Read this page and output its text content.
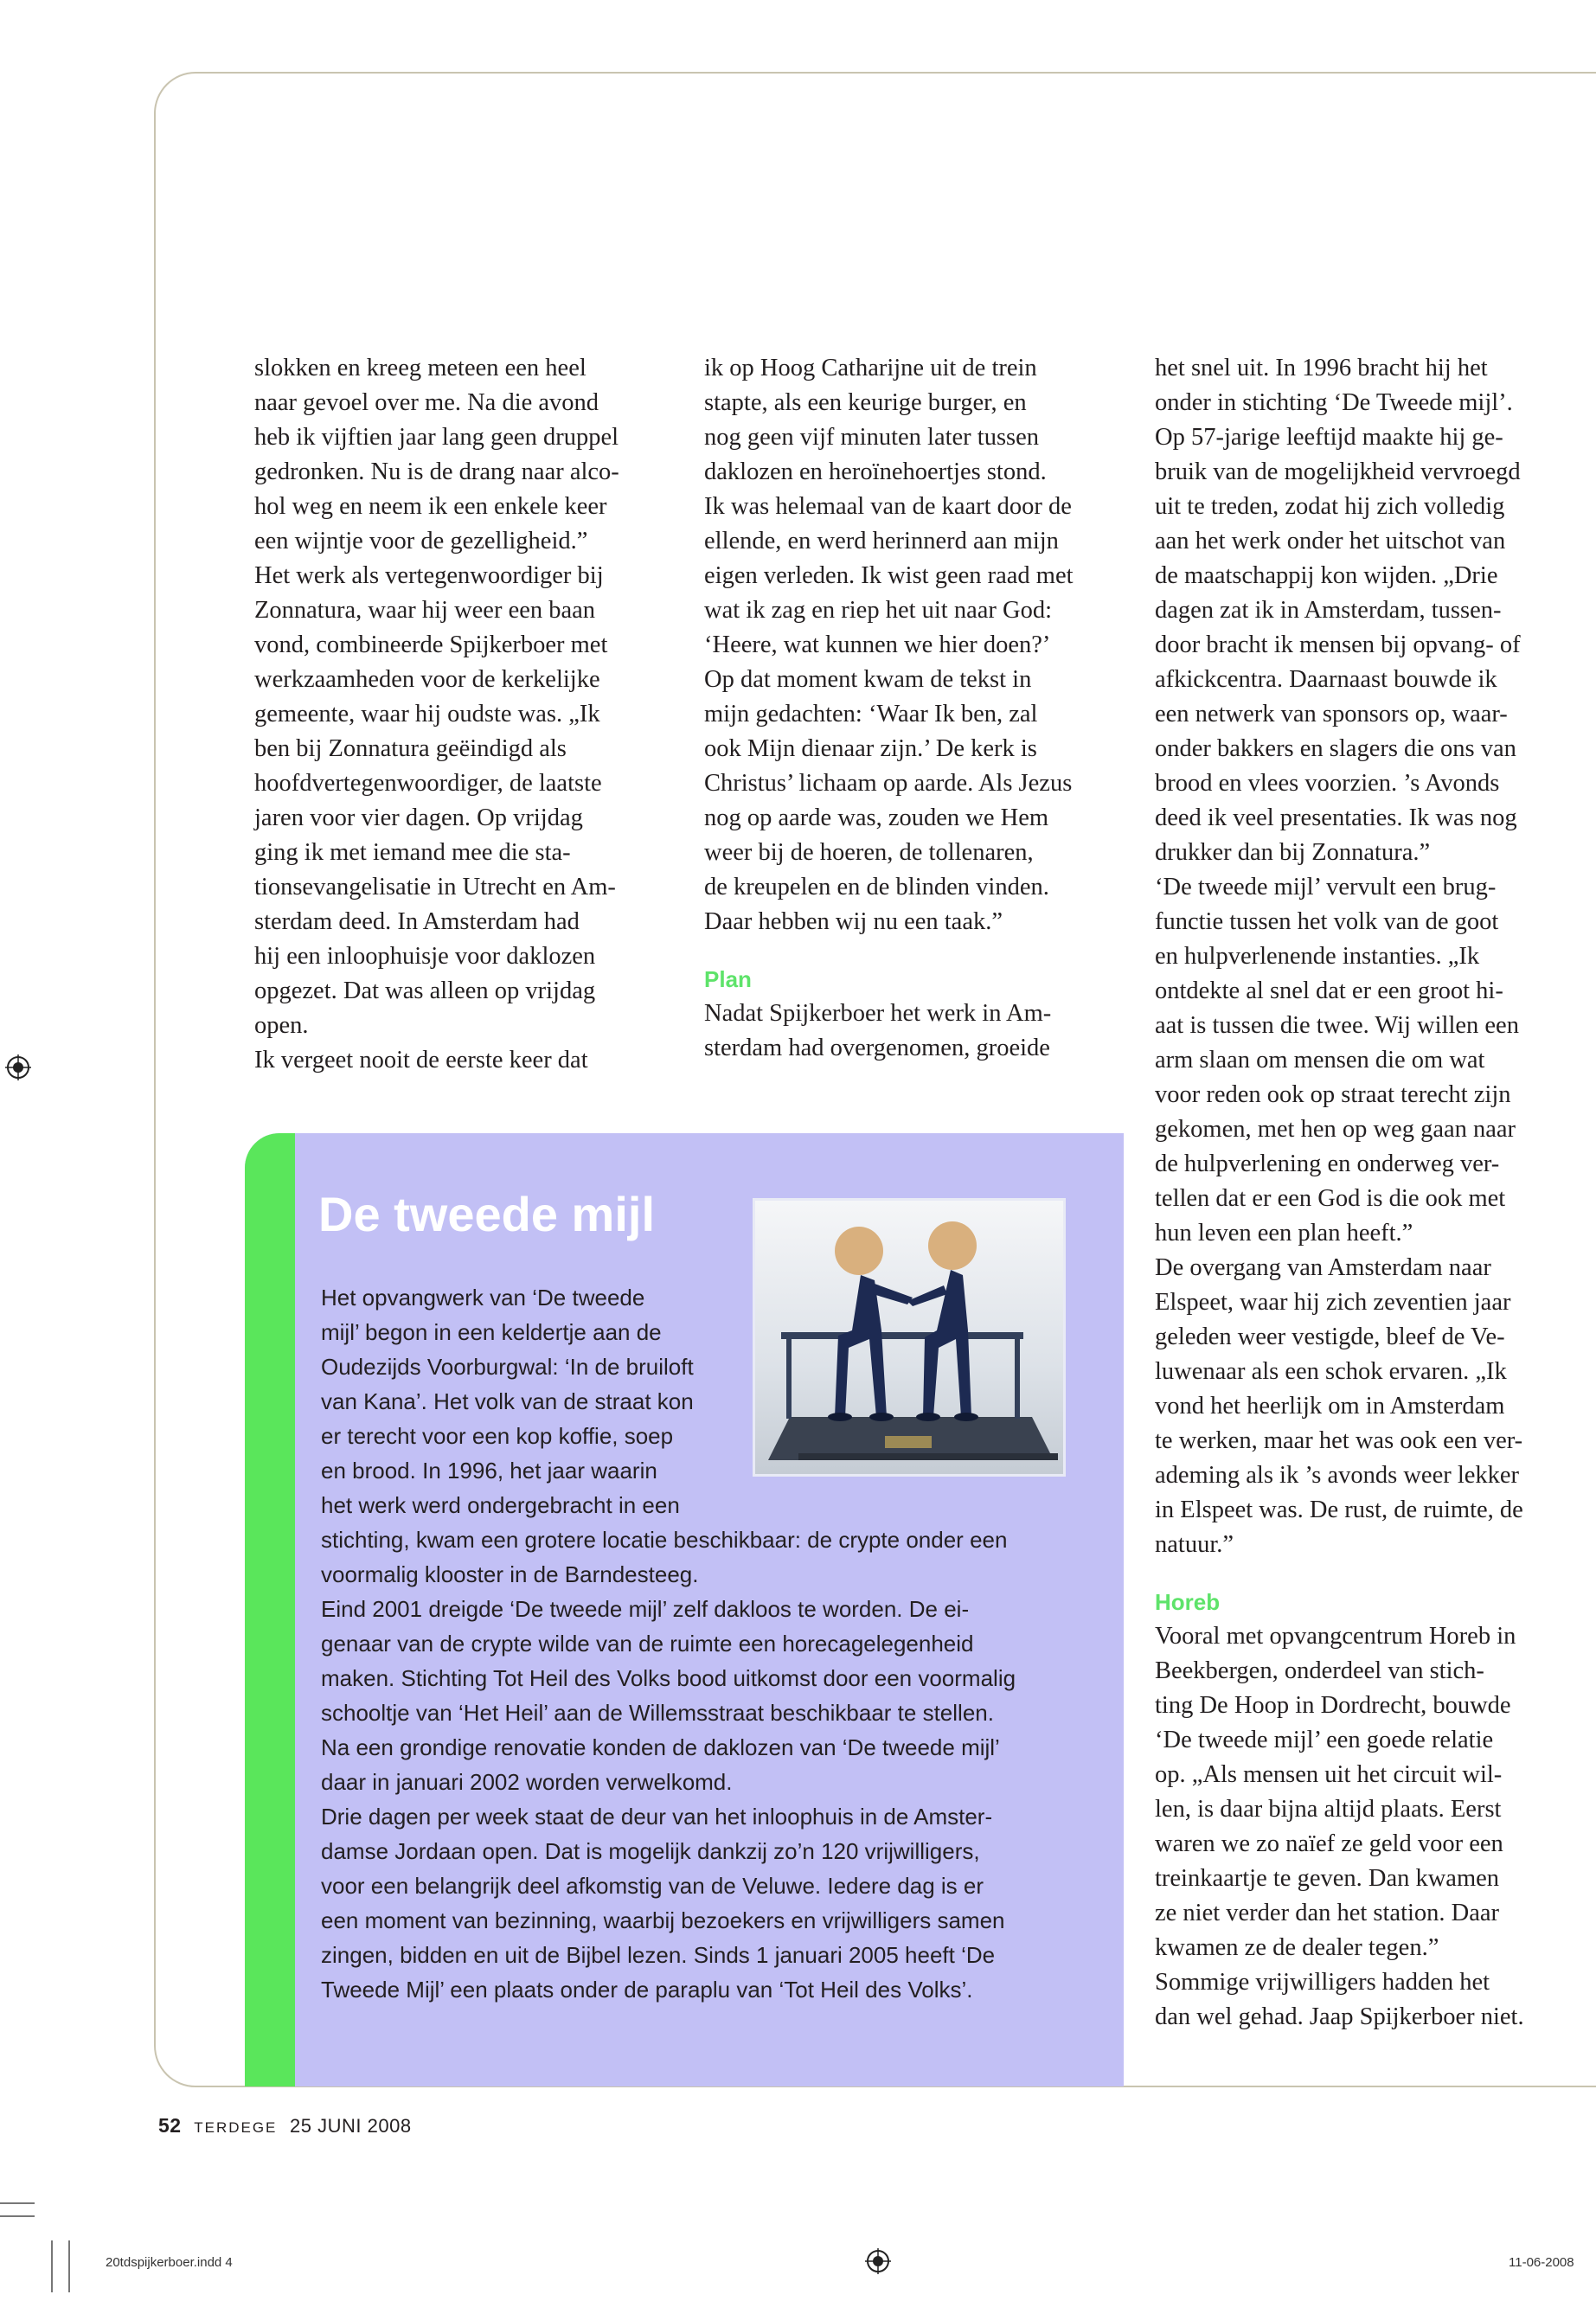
slokken en kreeg meteen een heel
naar gevoel over me. Na die avond
heb ik vijftien jaar lang geen druppel
gedronken. Nu is de drang naar alco-
hol weg en neem ik een enkele keer
een wijntje voor de gezelligheid.”

Het werk als vertegenwoordiger bij
Zonnatura, waar hij weer een baan
vond, combineerde Spijkerboer met
werkzaamheden voor de kerkelijke
gemeente, waar hij oudste was. „Ik
ben bij Zonnatura geëindigd als
hoofdvertegenwoordiger, de laatste
jaren voor vier dagen. Op vrijdag
ging ik met iemand mee die sta-
tionsevangelisatie in Utrecht en Am-
sterdam deed. In Amsterdam had
hij een inloophuisje voor daklozen
opgezet. Dat was alleen op vrijdag
open.

Ik vergeet nooit de eerste keer dat

ik op Hoog Catharijne uit de trein
stapte, als een keurige burger, en
nog geen vijf minuten later tussen
daklozen en heroïnehoertjes stond.
Ik was helemaal van de kaart door de
ellende, en werd herinnerd aan mijn
eigen verleden. Ik wist geen raad met
wat ik zag en riep het uit naar God:
‘Heere, wat kunnen we hier doen?’
Op dat moment kwam de tekst in
mijn gedachten: ‘Waar Ik ben, zal
ook Mijn dienaar zijn.’ De kerk is
Christus’ lichaam op aarde. Als Jezus
nog op aarde was, zouden we Hem
weer bij de hoeren, de tollenaren,
de kreupelen en de blinden vinden.
Daar hebben wij nu een taak.”

Plan

Nadat Spijkerboer het werk in Am-
sterdam had overgenomen, groeide

het snel uit. In 1996 bracht hij het
onder in stichting ‘De Tweede mijl’.
Op 57-jarige leeftijd maakte hij ge-
bruik van de mogelijkheid vervroegd
uit te treden, zodat hij zich volledig
aan het werk onder het uitschot van
de maatschappij kon wijden. „Drie
dagen zat ik in Amsterdam, tussen-
door bracht ik mensen bij opvang- of
afkickcentra. Daarnaast bouwde ik
een netwerk van sponsors op, waar-
onder bakkers en slagers die ons van
brood en vlees voorzien. ’s Avonds
deed ik veel presentaties. Ik was nog
drukker dan bij Zonnatura.”

‘De tweede mijl’ vervult een brug-
functie tussen het volk van de goot
en hulpverlenende instanties. „Ik
ontdekte al snel dat er een groot hi-
aat is tussen die twee. Wij willen een
arm slaan om mensen die om wat
voor reden ook op straat terecht zijn
gekomen, met hen op weg gaan naar
de hulpverlening en onderweg ver-
tellen dat er een God is die ook met
hun leven een plan heeft.”

De overgang van Amsterdam naar
Elspeet, waar hij zich zeventien jaar
geleden weer vestigde, bleef de Ve-
luwenaar als een schok ervaren. „Ik
vond het heerlijk om in Amsterdam
te werken, maar het was ook een ver-
ademing als ik ’s avonds weer lekker
in Elspeet was. De rust, de ruimte, de
natuur.”

Horeb

Vooral met opvangcentrum Horeb in
Beekbergen, onderdeel van stich-
ting De Hoop in Dordrecht, bouwde
‘De tweede mijl’ een goede relatie
op. „Als mensen uit het circuit wil-
len, is daar bijna altijd plaats. Eerst
waren we zo naïef ze geld voor een
treinkaartje te geven. Dan kwamen
ze niet verder dan het station. Daar
kwamen ze de dealer tegen.”

Sommige vrijwilligers hadden het
dan wel gehad. Jaap Spijkerboer niet.

De tweede mijl

Het opvangwerk van ‘De tweede
mijl’ begon in een keldertje aan de
Oudezijds Voorburgwal: ‘In de bruiloft
van Kana’. Het volk van de straat kon
er terecht voor een kop koffie, soep
en brood. In 1996, het jaar waarin
het werk werd ondergebracht in een
stichting, kwam een grotere locatie beschikbaar: de crypte onder een
voormalig klooster in de Barndesteeg.

Eind 2001 dreigde ‘De tweede mijl’ zelf dakloos te worden. De ei-
genaar van de crypte wilde van de ruimte een horecagelegenheid
maken. Stichting Tot Heil des Volks bood uitkomst door een voormalig
schooltje van ‘Het Heil’ aan de Willemsstraat beschikbaar te stellen.
Na een grondige renovatie konden de daklozen van ‘De tweede mijl’
daar in januari 2002 worden verwelkomd.

Drie dagen per week staat de deur van het inloophuis in de Amster-
damse Jordaan open. Dat is mogelijk dankzij zo’n 120 vrijwilligers,
voor een belangrijk deel afkomstig van de Veluwe. Iedere dag is er
een moment van bezinning, waarbij bezoekers en vrijwilligers samen
zingen, bidden en uit de Bijbel lezen. Sinds 1 januari 2005 heeft ‘De
Tweede Mijl’ een plaats onder de paraplu van ‘Tot Heil des Volks’.

52 TERDEGE 25 JUNI 2008
20tdspijkerboer.indd 4	11-06-2008
